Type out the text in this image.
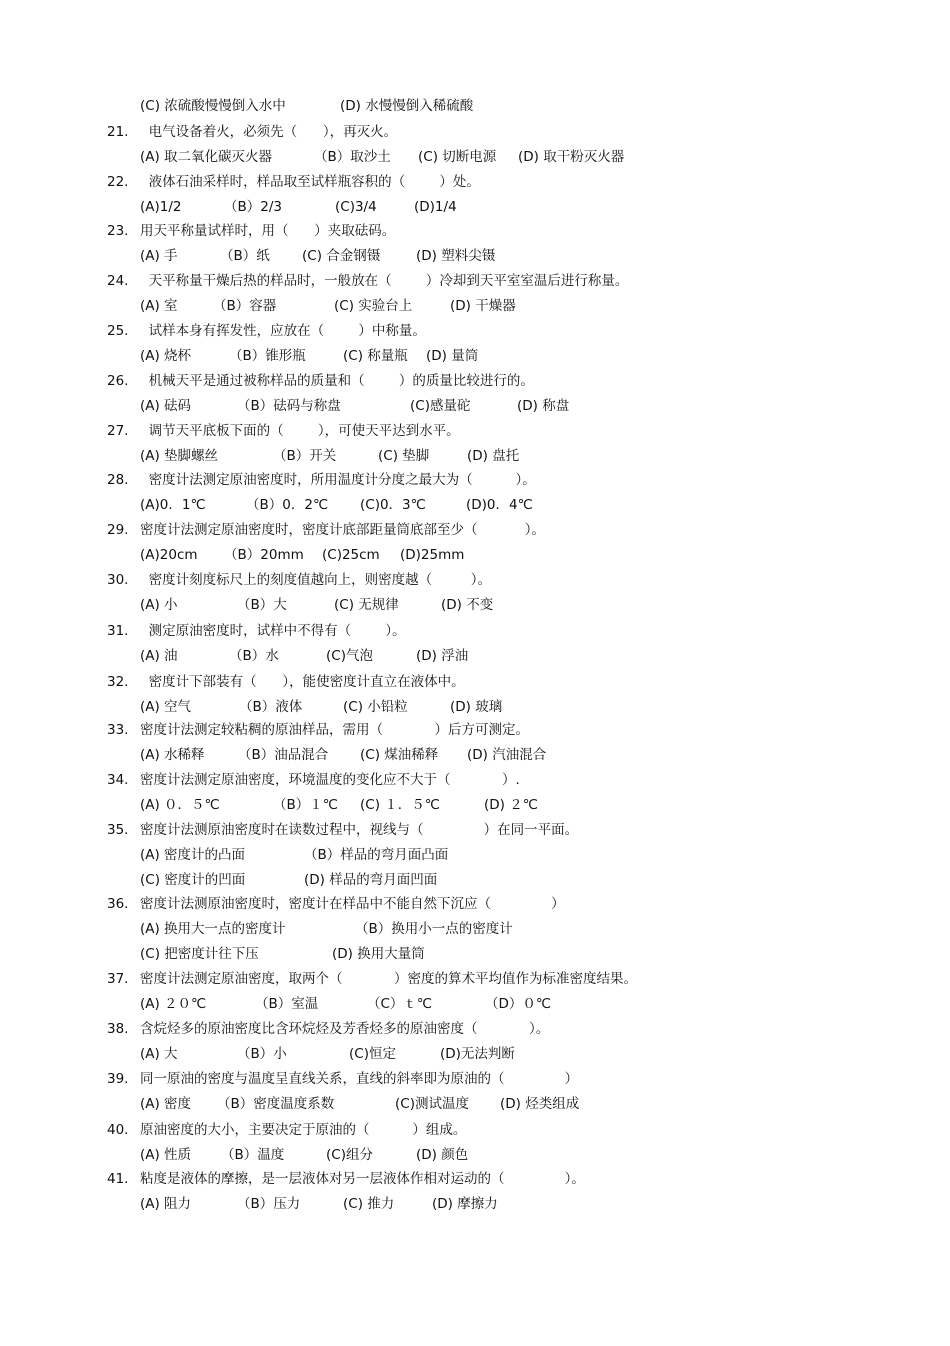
(C) 浓硫酸慢慢倒入水中	(D) 水慢慢倒入稀硫酸
21. 电气设备着火，必须先（      ），再灭火。
(A) 取二氧化碳灭火器	（B）取沙土 (C) 切断电源 (D) 取干粉灭火器
22. 液体石油采样时，样品取至试样瓶容积的（        ）处。
(A)1/2	（B）2/3	(C)3/4	(D)1/4
23. 用天平称量试样时，用（      ）夹取砝码。
(A) 手	（B）纸 (C) 合金钢镊	(D) 塑料尖镊
24. 天平称量干燥后热的样品时，一般放在（        ）冷却到天平室室温后进行称量。
(A) 室	（B）容器	(C) 实验台上	(D) 干燥器
25. 试样本身有挥发性，应放在（        ）中称量。
(A) 烧杯	（B）锥形瓶	(C) 称量瓶 (D) 量筒
26. 机械天平是通过被称样品的质量和（        ）的质量比较进行的。
(A) 砝码	（B）砝码与称盘	(C)感量砣	(D) 称盘
27. 调节天平底板下面的（        ），可使天平达到水平。
(A) 垫脚螺丝	（B）开关	(C) 垫脚	(D) 盘托
28. 密度计法测定原油密度时，所用温度计分度之最大为（          ）。
(A)0．1℃	（B）0．2℃ (C)0．3℃	(D)0．4℃
29. 密度计法测定原油密度时，密度计底部距量筒底部至少（           ）。
(A)20cm （B）20mm (C)25cm (D)25mm
30. 密度计刻度标尺上的刻度值越向上，则密度越（         ）。
(A) 小	（B）大	(C) 无规律	(D) 不变
31. 测定原油密度时，试样中不得有（        ）。
(A) 油	（B）水	(C)气泡	(D) 浮油
32. 密度计下部装有（      ），能使密度计直立在液体中。
(A) 空气	（B）液体	(C) 小铅粒	(D) 玻璃
33. 密度计法测定较粘稠的原油样品，需用（            ）后方可测定。
(A) 水稀释 （B）油品混合 (C) 煤油稀释 (D) 汽油混合
34. 密度计法测定原油密度，环境温度的变化应不大于（            ）.
(A) ０．５℃	（B）１℃ (C) １．５℃	(D) ２℃
35. 密度计法测原油密度时在读数过程中，视线与（              ）在同一平面。
(A) 密度计的凸面	（B）样品的弯月面凸面
(C) 密度计的凹面	(D) 样品的弯月面凹面
36. 密度计法测原油密度时，密度计在样品中不能自然下沉应（              ）
(A) 换用大一点的密度计	（B）换用小一点的密度计
(C) 把密度计往下压	(D) 换用大量筒
37. 密度计法测定原油密度，取两个（            ）密度的算术平均值作为标准密度结果。
(A) ２０℃	（B）室温	（C）ｔ℃	（D）０℃
38. 含烷烃多的原油密度比含环烷烃及芳香烃多的原油密度（            ）。
(A) 大	（B）小	(C)恒定	(D)无法判断
39. 同一原油的密度与温度呈直线关系，直线的斜率即为原油的（              ）
(A) 密度 （B）密度温度系数	(C)测试温度 (D) 烃类组成
40. 原油密度的大小，主要决定于原油的（          ）组成。
(A) 性质 （B）温度	(C)组分	(D) 颜色
41. 粘度是液体的摩擦，是一层液体对另一层液体作相对运动的（              ）。
(A) 阻力	（B）压力	(C) 推力	(D) 摩擦力
